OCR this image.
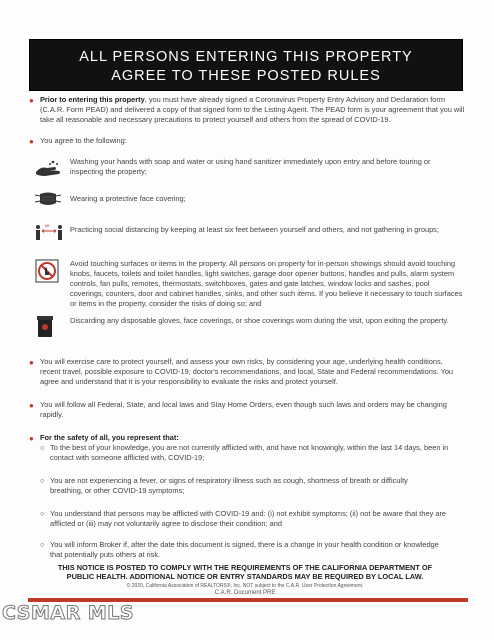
ALL PERSONS ENTERING THIS PROPERTY
AGREE TO THESE POSTED RULES
● Prior to entering this property, you must have already signed a Coronavirus Property Entry Advisory and Declaration form (C.A.R. Form PEAD) and delivered a copy of that signed form to the Listing Agent. The PEAD form is your agreement that you will take all reasonable and necessary precautions to protect yourself and others from the spread of COVID-19.
● You agree to the following:
Washing your hands with soap and water or using hand sanitizer immediately upon entry and before touring or inspecting the property;
Wearing a protective face covering;
6ft.	Practicing social distancing by keeping at least six feet between yourself and others, and not gathering in groups;
Avoid touching surfaces or items in the property. All persons on property for in-person showings should avoid touching knobs, faucets, toilets and toilet handles, light switches, garage door opener buttons, handles and pulls, alarm system controls, fan pulls, remotes, thermostats, switchboxes, gates and gate latches, window locks and sashes, pool coverings, counters, door and cabinet handles, sinks, and other such items. If you believe it necessary to touch surfaces or items in the property, consider the risks of doing so; and
Discarding any disposable gloves, face coverings, or shoe coverings worn during the visit, upon exiting the property.
● You will exercise care to protect yourself, and assess your own risks, by considering your age, underlying health conditions, recent travel, possible exposure to COVID-19, doctor's recommendations, and local, State and Federal recommendations. You agree and understand that it is your responsibility to evaluate the risks and protect yourself.
● You will follow all Federal, State, and local laws and Stay Home Orders, even though such laws and orders may be changing rapidly.
● For the safety of all, you represent that:
○ To the best of your knowledge, you are not currently afflicted with, and have not knowingly, within the last 14 days, been in contact with someone afflicted with, COVID-19;
○ You are not experiencing a fever, or signs of respiratory illness such as cough, shortness of breath or difficulty breathing, or other COVID-19 symptoms;
○ You understand that persons may be afflicted with COVID-19 and: (i) not exhibit symptoms; (ii) not be aware that they are afflicted or (iii) may not voluntarily agree to disclose their condition; and
○ You will inform Broker if, after the date this document is signed, there is a change in your health condition or knowledge that potentially puts others at risk.
THIS NOTICE IS POSTED TO COMPLY WITH THE REQUIREMENTS OF THE CALIFORNIA DEPARTMENT OF
PUBLIC HEALTH. ADDITIONAL NOTICE OR ENTRY STANDARDS MAY BE REQUIRED BY LOCAL LAW.
© 2020, California Association of REALTORS®, Inc. NOT subject to the C.A.R. User Protection Agreement.
C.A.R. Document PRE
CSMAR MLS
